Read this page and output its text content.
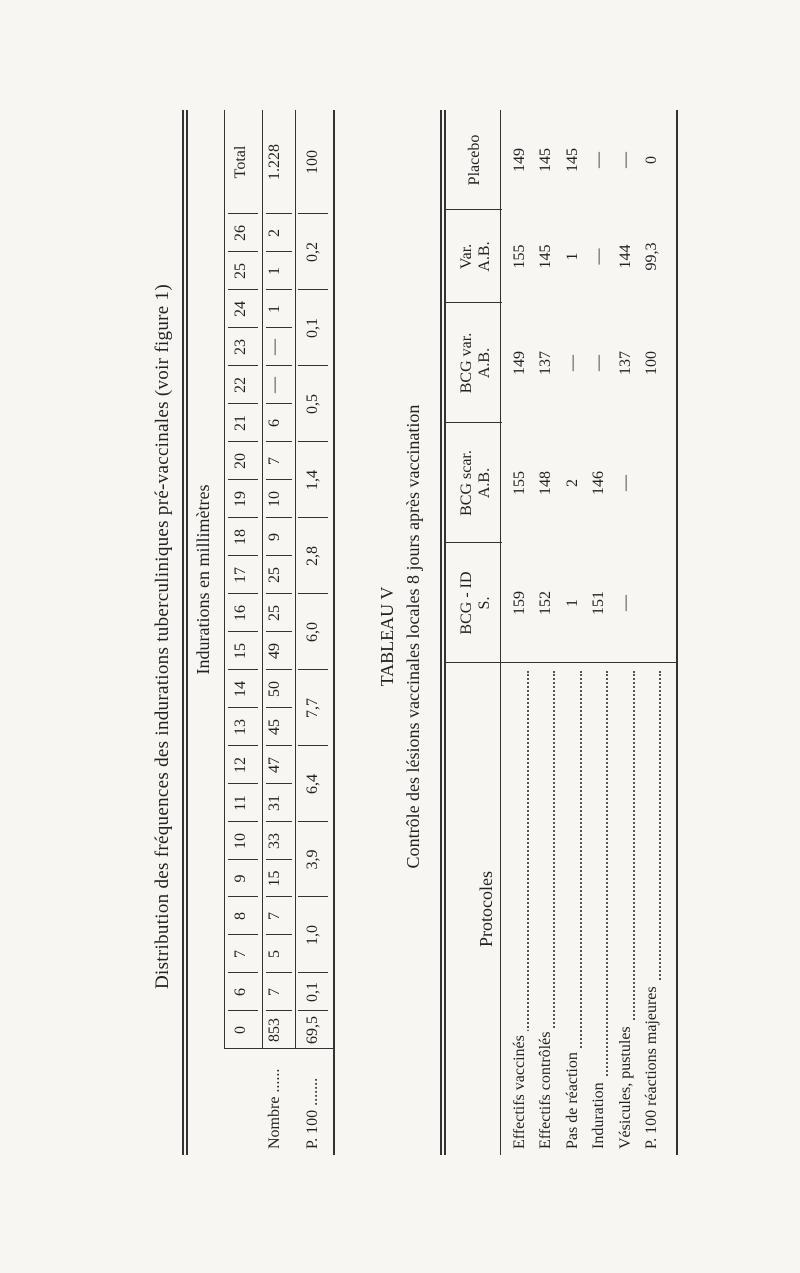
Distribution des fréquences des indurations tuberculiniques pré-vaccinales (voir figure 1) Indurations en millimètres
Nombre ...... P. 100 .......
TABLEAU V Contrôle des lésions vaccinales locales 8 jours après vaccination
Protocoles
0
6
7
8
9
10
11
12
13
14
15
16
17
18
19
20
21
22
23
24
25
26
Total
853
7
5
7
15
33
31
47
45
50
49
25
25
9
10
7
6
—
—
1
1
2
1.228
69,5
0,1
1,0
3,9
6,4
7,7
6,0
2,8
1,4
0,5
0,1
0,2
100
BCG - ID S.
BCG scar. A.B.
BCG var. A.B.
Var. A.B.
Placebo
Effectifs vaccinés
159
155
149
155
149
Effectifs contrôlés
152
148
137
145
145
Pas de réaction
1
2
—
1
145
Induration
151
146
—
—
—
Vésicules, pustules
—
—
137
144
—
P. 100 réactions majeures
100
99,3
0
